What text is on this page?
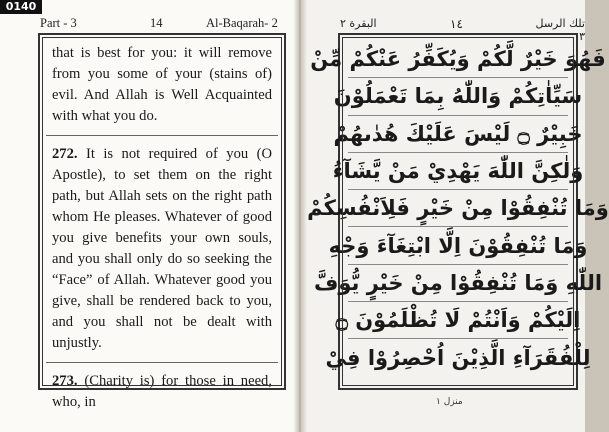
Part - 3	14	Al-Baqarah- 2

that is best for you: it will remove from you some of your (stains of) evil. And Allah is Well Acquainted with what you do.

272. It is not required of you (O Apostle), to set them on the right path, but Allah sets on the right path whom He pleases. Whatever of good you give benefits your own souls, and you shall only do so seeking the “Face” of Allah. Whatever good you give, shall be rendered back to you, and you shall not be dealt with unjustly.

273. (Charity is) for those in need, who, in

تلك الرسل ٣
١٤
البقرة ٢
فَهُوَ خَيْرٌ لَّكُمْ وَيُكَفِّرُ عَنْكُمْ مِّنْ
سَيِّاٰتِكُمْ وَاللّٰهُ بِمَا تَعْمَلُوْنَ
خَبِيْرٌ ۝ لَيْسَ عَلَيْكَ هُدٰىهُمْ
وَلٰكِنَّ اللّٰهَ يَهْدِيْ مَنْ يَّشَآءُ
وَمَا تُنْفِقُوْا مِنْ خَيْرٍ فَلِاَنْفُسِكُمْ
وَمَا تُنْفِقُوْنَ اِلَّا ابْتِغَآءَ وَجْهِ
اللّٰهِ وَمَا تُنْفِقُوْا مِنْ خَيْرٍ يُّوَفَّ
اِلَيْكُمْ وَاَنْتُمْ لَا تُظْلَمُوْنَ ۝
لِلْفُقَرَآءِ الَّذِيْنَ اُحْصِرُوْا فِيْ
منزل ١
0140
